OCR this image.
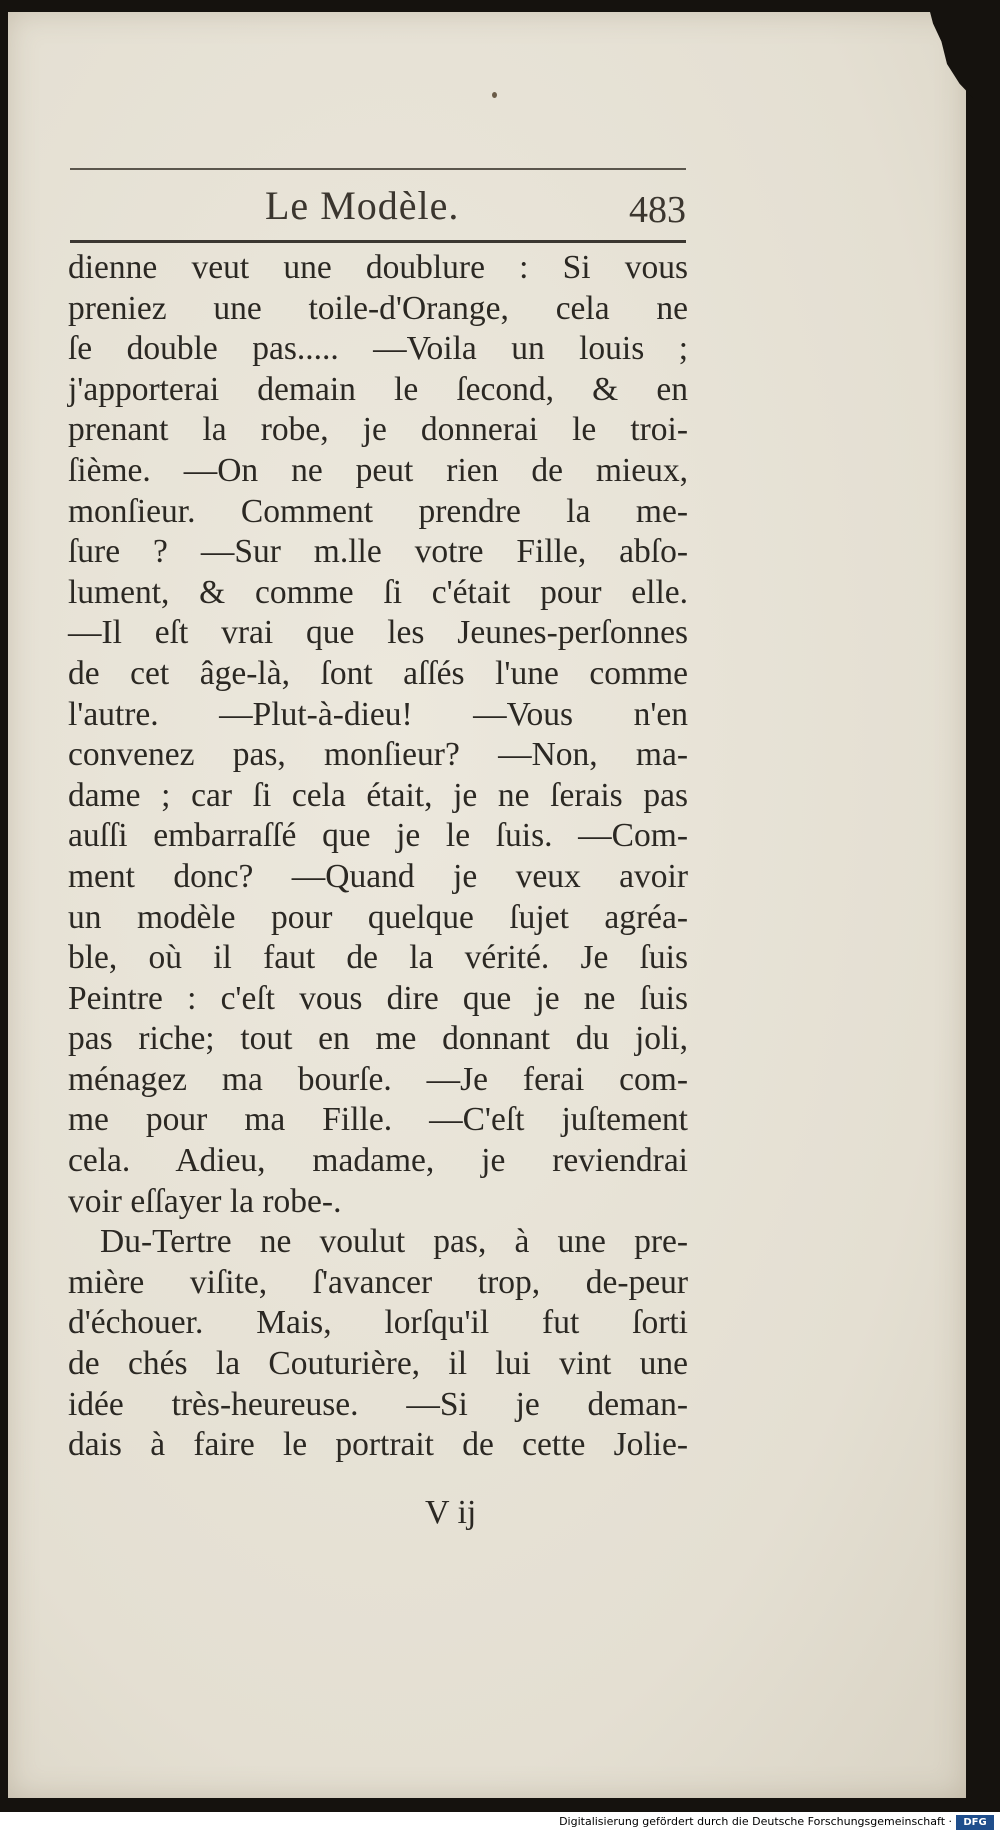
Le Modèle.	483
dienne veut une doublure : Si vous
preniez une toile-d'Orange, cela ne
ſe double pas..... —Voila un louis ;
j'apporterai demain le ſecond, & en
prenant la robe, je donnerai le troi-
ſième. —On ne peut rien de mieux,
monſieur. Comment prendre la me-
ſure ? —Sur m.lle votre Fille, abſo-
lument, & comme ſi c'était pour elle.
—Il eſt vrai que les Jeunes-perſonnes
de cet âge-là, ſont aſſés l'une comme
l'autre. —Plut-à-dieu! —Vous n'en
convenez pas, monſieur? —Non, ma-
dame ; car ſi cela était, je ne ſerais pas
auſſi embarraſſé que je le ſuis. —Com-
ment donc? —Quand je veux avoir
un modèle pour quelque ſujet agréa-
ble, où il faut de la vérité. Je ſuis
Peintre : c'eſt vous dire que je ne ſuis
pas riche; tout en me donnant du joli,
ménagez ma bourſe. —Je ferai com-
me pour ma Fille. —C'eſt juſtement
cela. Adieu, madame, je reviendrai
voir eſſayer la robe-.
Du-Tertre ne voulut pas, à une pre-
mière viſite, ſ'avancer trop, de-peur
d'échouer. Mais, lorſqu'il fut ſorti
de chés la Couturière, il lui vint une
idée très-heureuse. —Si je deman-
dais à faire le portrait de cette Jolie-
V ij
Digitalisierung gefördert durch die Deutsche Forschungsgemeinschaft ·	DFG
